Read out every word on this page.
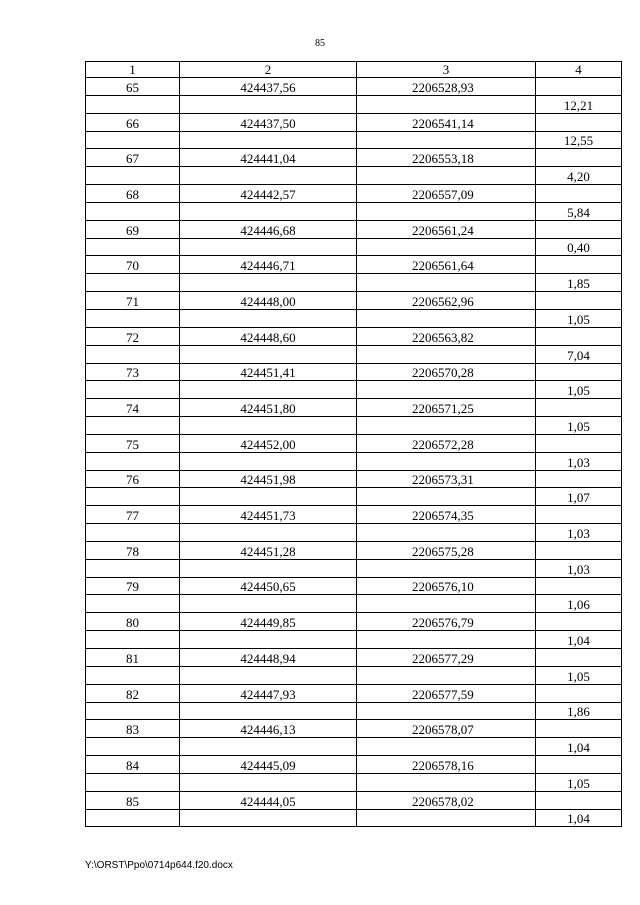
85
1	2	3	4
65	424437,56	2206528,93	
			12,21
66	424437,50	2206541,14	
			12,55
67	424441,04	2206553,18	
			4,20
68	424442,57	2206557,09	
			5,84
69	424446,68	2206561,24	
			0,40
70	424446,71	2206561,64	
			1,85
71	424448,00	2206562,96	
			1,05
72	424448,60	2206563,82	
			7,04
73	424451,41	2206570,28	
			1,05
74	424451,80	2206571,25	
			1,05
75	424452,00	2206572,28	
			1,03
76	424451,98	2206573,31	
			1,07
77	424451,73	2206574,35	
			1,03
78	424451,28	2206575,28	
			1,03
79	424450,65	2206576,10	
			1,06
80	424449,85	2206576,79	
			1,04
81	424448,94	2206577,29	
			1,05
82	424447,93	2206577,59	
			1,86
83	424446,13	2206578,07	
			1,04
84	424445,09	2206578,16	
			1,05
85	424444,05	2206578,02	
			1,04
Y:\ORST\Ppo\0714p644.f20.docx
